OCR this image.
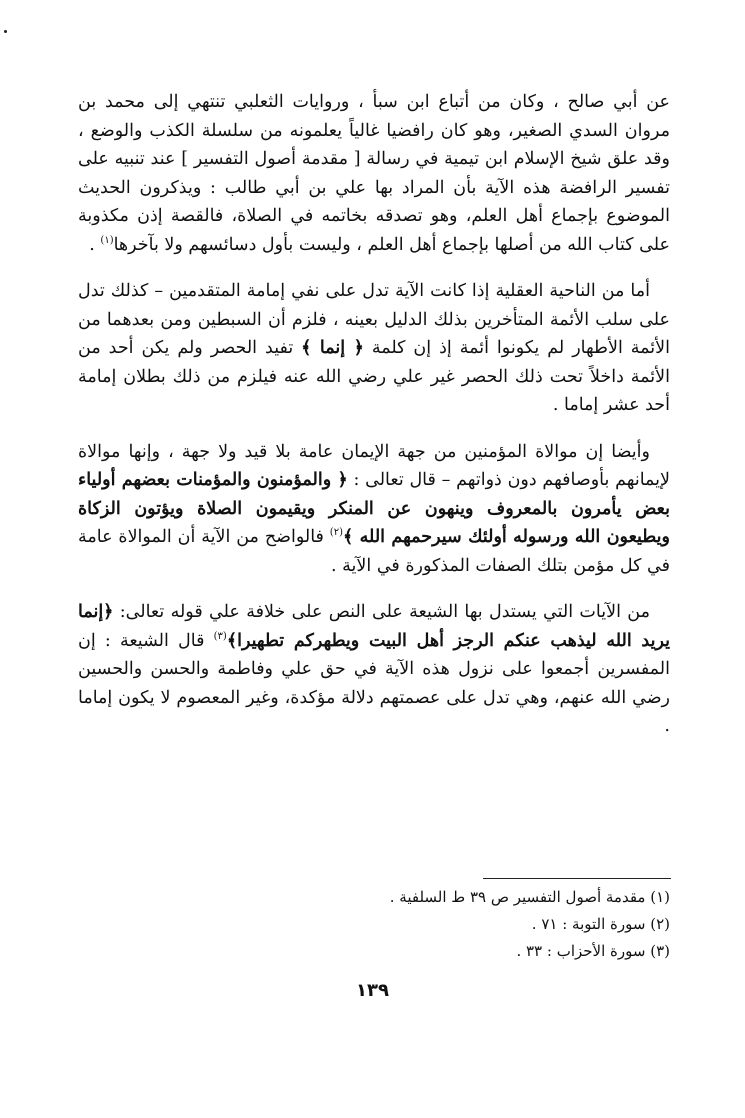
عن أبي صالح ، وكان من أتباع ابن سبأ ، وروايات الثعلبي تنتهي إلى محمد بن مروان السدي الصغير، وهو كان رافضيا غالياً يعلمونه من سلسلة الكذب والوضع ، وقد علق شيخ الإسلام ابن تيمية في رسالة [ مقدمة أصول التفسير ] عند تنبيه على تفسير الرافضة هذه الآية بأن المراد بها علي بن أبي طالب : ويذكرون الحديث الموضوع بإجماع أهل العلم، وهو تصدقه بخاتمه في الصلاة، فالقصة إذن مكذوبة على كتاب الله من أصلها بإجماع أهل العلم ، وليست بأول دسائسهم ولا بآخرها$^{(١)}$ .

أما من الناحية العقلية إذا كانت الآية تدل على نفي إمامة المتقدمين – كذلك تدل على سلب الأئمة المتأخرين بذلك الدليل بعينه ، فلزم أن السبطين ومن بعدهما من الأئمة الأطهار لم يكونوا أئمة إذ إن كلمة ﴿ إنما ﴾ تفيد الحصر ولم يكن أحد من الأئمة داخلاً تحت ذلك الحصر غير علي رضي الله عنه فيلزم من ذلك بطلان إمامة أحد عشر إماما .

وأيضا إن موالاة المؤمنين من جهة الإيمان عامة بلا قيد ولا جهة ، وإنها موالاة لإيمانهم بأوصافهم دون ذواتهم – قال تعالى : ﴿ والمؤمنون والمؤمنات بعضهم أولياء بعض يأمرون بالمعروف وينهون عن المنكر ويقيمون الصلاة ويؤتون الزكاة ويطيعون الله ورسوله أولئك سيرحمهم الله ﴾$^{(٢)}$ فالواضح من الآية أن الموالاة عامة في كل مؤمن بتلك الصفات المذكورة في الآية .

من الآيات التي يستدل بها الشيعة على النص على خلافة علي قوله تعالى: ﴿إنما يريد الله ليذهب عنكم الرجز أهل البيت ويطهركم تطهيرا﴾$^{(٣)}$ قال الشيعة : إن المفسرين أجمعوا على نزول هذه الآية في حق علي وفاطمة والحسن والحسين رضي الله عنهم، وهي تدل على عصمتهم دلالة مؤكدة، وغير المعصوم لا يكون إماما .

(١) مقدمة أصول التفسير ص ٣٩ ط السلفية .
(٢) سورة التوبة : ٧١ .
(٣) سورة الأحزاب : ٣٣ .
١٣٩
